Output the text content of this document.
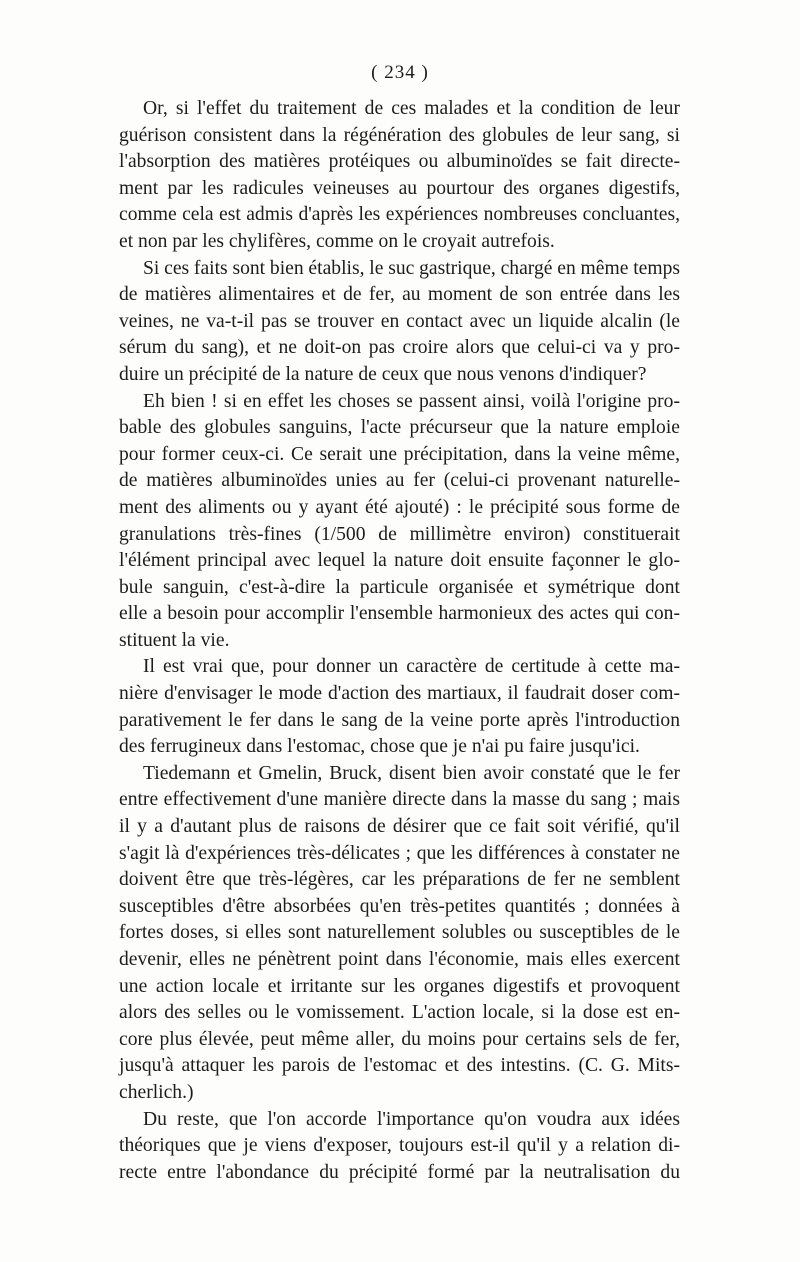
( 234 )

Or, si l'effet du traitement de ces malades et la condition de leur
guérison consistent dans la régénération des globules de leur sang, si
l'absorption des matières protéiques ou albuminoïdes se fait directe-
ment par les radicules veineuses au pourtour des organes digestifs,
comme cela est admis d'après les expériences nombreuses concluantes,
et non par les chylifères, comme on le croyait autrefois.

Si ces faits sont bien établis, le suc gastrique, chargé en même temps
de matières alimentaires et de fer, au moment de son entrée dans les
veines, ne va-t-il pas se trouver en contact avec un liquide alcalin (le
sérum du sang), et ne doit-on pas croire alors que celui-ci va y pro-
duire un précipité de la nature de ceux que nous venons d'indiquer?

Eh bien ! si en effet les choses se passent ainsi, voilà l'origine pro-
bable des globules sanguins, l'acte précurseur que la nature emploie
pour former ceux-ci. Ce serait une précipitation, dans la veine même,
de matières albuminoïdes unies au fer (celui-ci provenant naturelle-
ment des aliments ou y ayant été ajouté) : le précipité sous forme de
granulations très-fines (1/500 de millimètre environ) constituerait
l'élément principal avec lequel la nature doit ensuite façonner le glo-
bule sanguin, c'est-à-dire la particule organisée et symétrique dont
elle a besoin pour accomplir l'ensemble harmonieux des actes qui con-
stituent la vie.

Il est vrai que, pour donner un caractère de certitude à cette ma-
nière d'envisager le mode d'action des martiaux, il faudrait doser com-
parativement le fer dans le sang de la veine porte après l'introduction
des ferrugineux dans l'estomac, chose que je n'ai pu faire jusqu'ici.

Tiedemann et Gmelin, Bruck, disent bien avoir constaté que le fer
entre effectivement d'une manière directe dans la masse du sang ; mais
il y a d'autant plus de raisons de désirer que ce fait soit vérifié, qu'il
s'agit là d'expériences très-délicates ; que les différences à constater ne
doivent être que très-légères, car les préparations de fer ne semblent
susceptibles d'être absorbées qu'en très-petites quantités ; données à
fortes doses, si elles sont naturellement solubles ou susceptibles de le
devenir, elles ne pénètrent point dans l'économie, mais elles exercent
une action locale et irritante sur les organes digestifs et provoquent
alors des selles ou le vomissement. L'action locale, si la dose est en-
core plus élevée, peut même aller, du moins pour certains sels de fer,
jusqu'à attaquer les parois de l'estomac et des intestins. (C. G. Mits-
cherlich.)

Du reste, que l'on accorde l'importance qu'on voudra aux idées
théoriques que je viens d'exposer, toujours est-il qu'il y a relation di-
recte entre l'abondance du précipité formé par la neutralisation du
